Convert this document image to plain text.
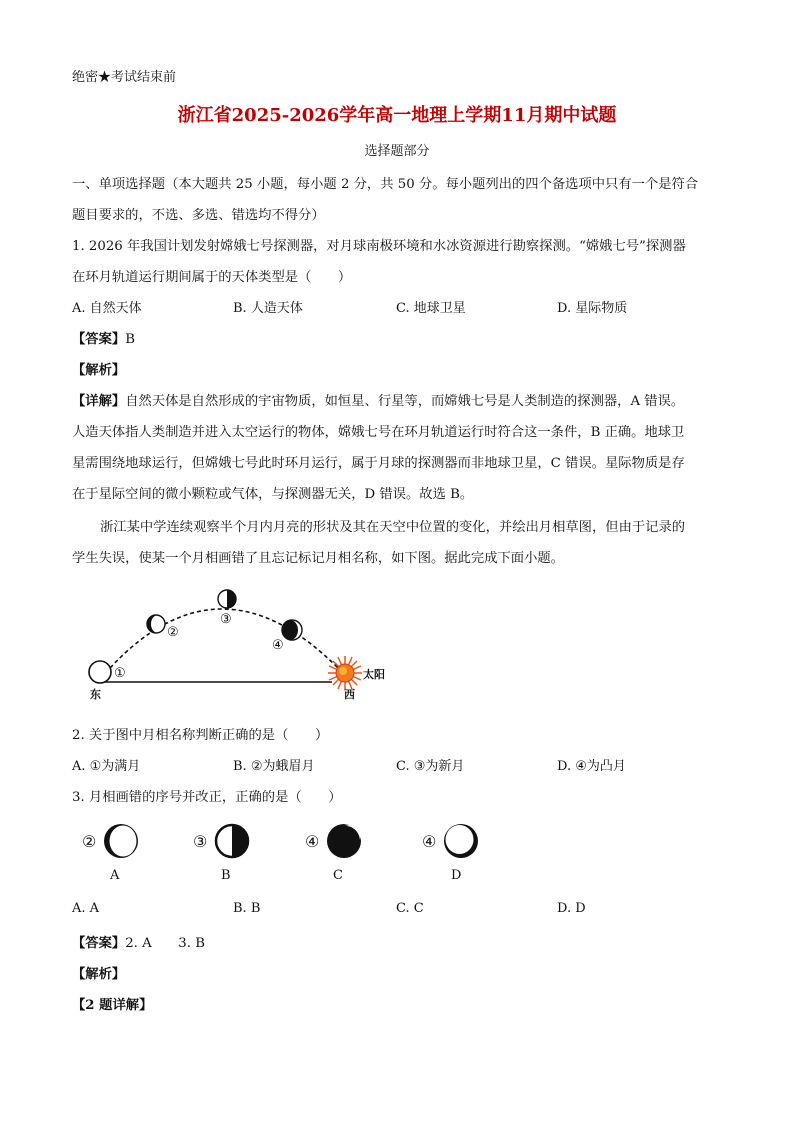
绝密★考试结束前
浙江省2025-2026学年高一地理上学期11月期中试题
选择题部分
一、单项选择题（本大题共 25 小题，每小题 2 分，共 50 分。每小题列出的四个备选项中只有一个是符合
题目要求的，不选、多选、错选均不得分）
1. 2026 年我国计划发射嫦娥七号探测器，对月球南极环境和水冰资源进行勘察探测。“嫦娥七号”探测器
在环月轨道运行期间属于的天体类型是（　　）
A. 自然天体	B. 人造天体	C. 地球卫星	D. 星际物质
【答案】B
【解析】
【详解】自然天体是自然形成的宇宙物质，如恒星、行星等，而嫦娥七号是人类制造的探测器，A 错误。
人造天体指人类制造并进入太空运行的物体，嫦娥七号在环月轨道运行时符合这一条件，B 正确。地球卫
星需围绕地球运行，但嫦娥七号此时环月运行，属于月球的探测器而非地球卫星，C 错误。星际物质是存
在于星际空间的微小颗粒或气体，与探测器无关，D 错误。故选 B。
浙江某中学连续观察半个月内月亮的形状及其在天空中位置的变化，并绘出月相草图，但由于记录的
学生失误，使某一个月相画错了且忘记标记月相名称，如下图。据此完成下面小题。
①
②
③
④
东	西
太阳
2. 关于图中月相名称判断正确的是（　　）
A. ①为满月	B. ②为蛾眉月	C. ③为新月	D. ④为凸月
3. 月相画错的序号并改正，正确的是（　　）
②
A
③
B
④
C
④
D
A. A	B. B	C. C	D. D
【答案】2. A　　3. B
【解析】
【2 题详解】
